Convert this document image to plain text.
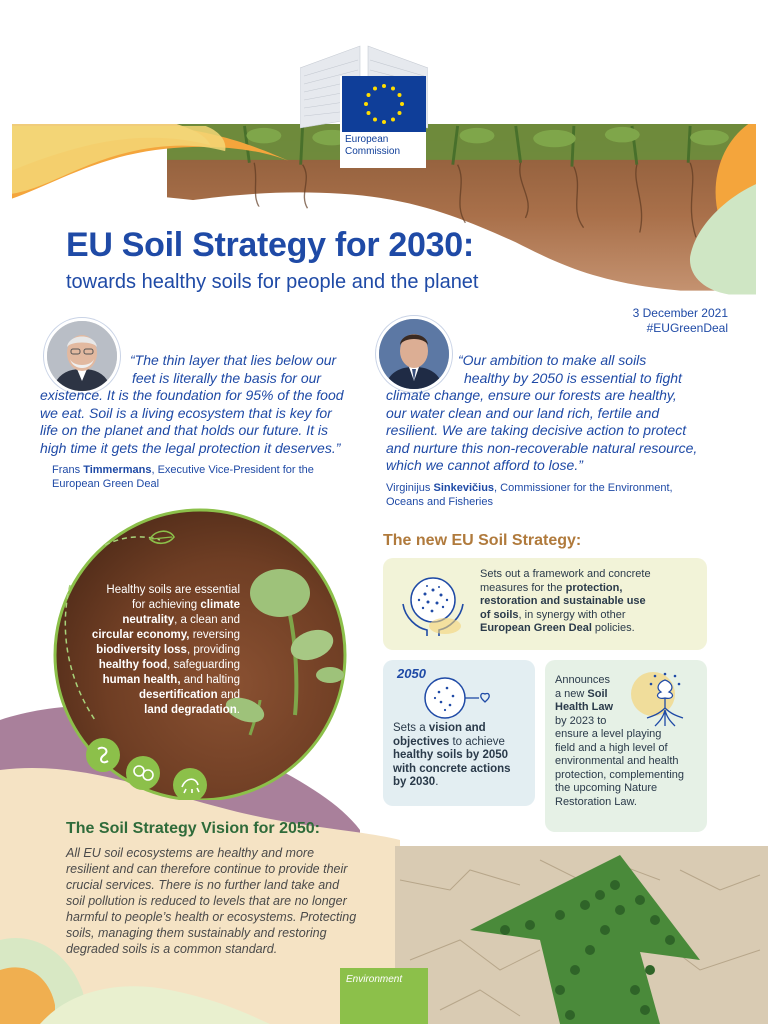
European
Commission
EU Soil Strategy for 2030:

towards healthy soils for people and the planet

3 December 2021
#EUGreenDeal
“The thin layer that lies below our
feet is literally the basis for our
existence. It is the foundation for 95% of the food
we eat. Soil is a living ecosystem that is key for
life on the planet and that holds our future. It is
high time it gets the legal protection it deserves.”
Frans Timmermans, Executive Vice-President for the
European Green Deal
“Our ambition to make all soils
healthy by 2050 is essential to fight
climate change, ensure our forests are healthy,
our water clean and our land rich, fertile and
resilient. We are taking decisive action to protect
and nurture this non-recoverable natural resource,
which we cannot afford to lose.”
Virginijus Sinkevičius, Commissioner for the Environment,
Oceans and Fisheries
Healthy soils are essential
for achieving climate
neutrality, a clean and
circular economy, reversing
biodiversity loss, providing
healthy food, safeguarding
human health, and halting
desertification and
land degradation.
The new EU Soil Strategy:
Sets out a framework and concrete
measures for the protection,
restoration and sustainable use
of soils, in synergy with other
European Green Deal policies.
2050
Sets a vision and
objectives to achieve
healthy soils by 2050
with concrete actions
by 2030.
Announces
a new Soil
Health Law
by 2023 to
ensure a level playing
field and a high level of
environmental and health
protection, complementing
the upcoming Nature
Restoration Law.
The Soil Strategy Vision for 2050:
All EU soil ecosystems are healthy and more
resilient and can therefore continue to provide their
crucial services. There is no further land take and
soil pollution is reduced to levels that are no longer
harmful to people’s health or ecosystems. Protecting
soils, managing them sustainably and restoring
degraded soils is a common standard.
Environment
